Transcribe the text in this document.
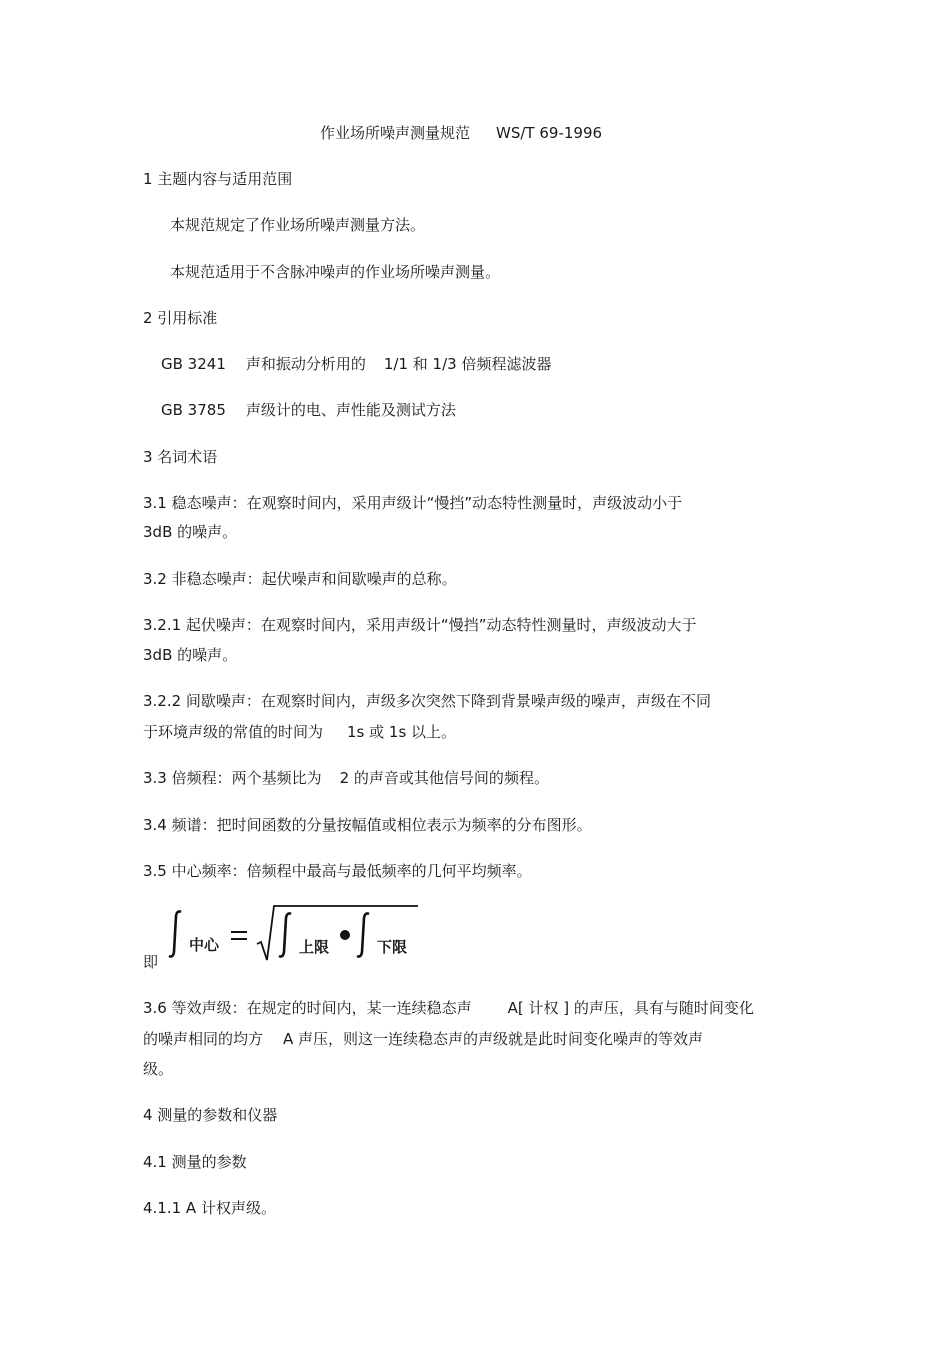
作业场所噪声测量规范 WS/T 69-1996
1 主题内容与适用范围
本规范规定了作业场所噪声测量方法。
本规范适用于不含脉冲噪声的作业场所噪声测量。
2 引用标准
GB 3241 声和振动分析用的 1/1 和 1/3 倍频程滤波器
GB 3785 声级计的电、声性能及测试方法
3 名词术语
3.1 稳态噪声：在观察时间内，采用声级计“慢挡”动态特性测量时，声级波动小于
3dB 的噪声。
3.2 非稳态噪声：起伏噪声和间歇噪声的总称。
3.2.1 起伏噪声：在观察时间内，采用声级计“慢挡”动态特性测量时，声级波动大于
3dB 的噪声。
3.2.2 间歇噪声：在观察时间内，声级多次突然下降到背景噪声级的噪声，声级在不同
于环境声级的常值的时间为 1s 或 1s 以上。
3.3 倍频程：两个基频比为 2 的声音或其他信号间的频程。
3.4 频谱：把时间函数的分量按幅值或相位表示为频率的分布图形。
3.5 中心频率：倍频程中最高与最低频率的几何平均频率。
即
中心	上限	下限
3.6 等效声级：在规定的时间内，某一连续稳态声 A[ 计权 ] 的声压，具有与随时间变化
的噪声相同的均方 A 声压，则这一连续稳态声的声级就是此时间变化噪声的等效声
级。
4 测量的参数和仪器
4.1 测量的参数
4.1.1 A 计权声级。
